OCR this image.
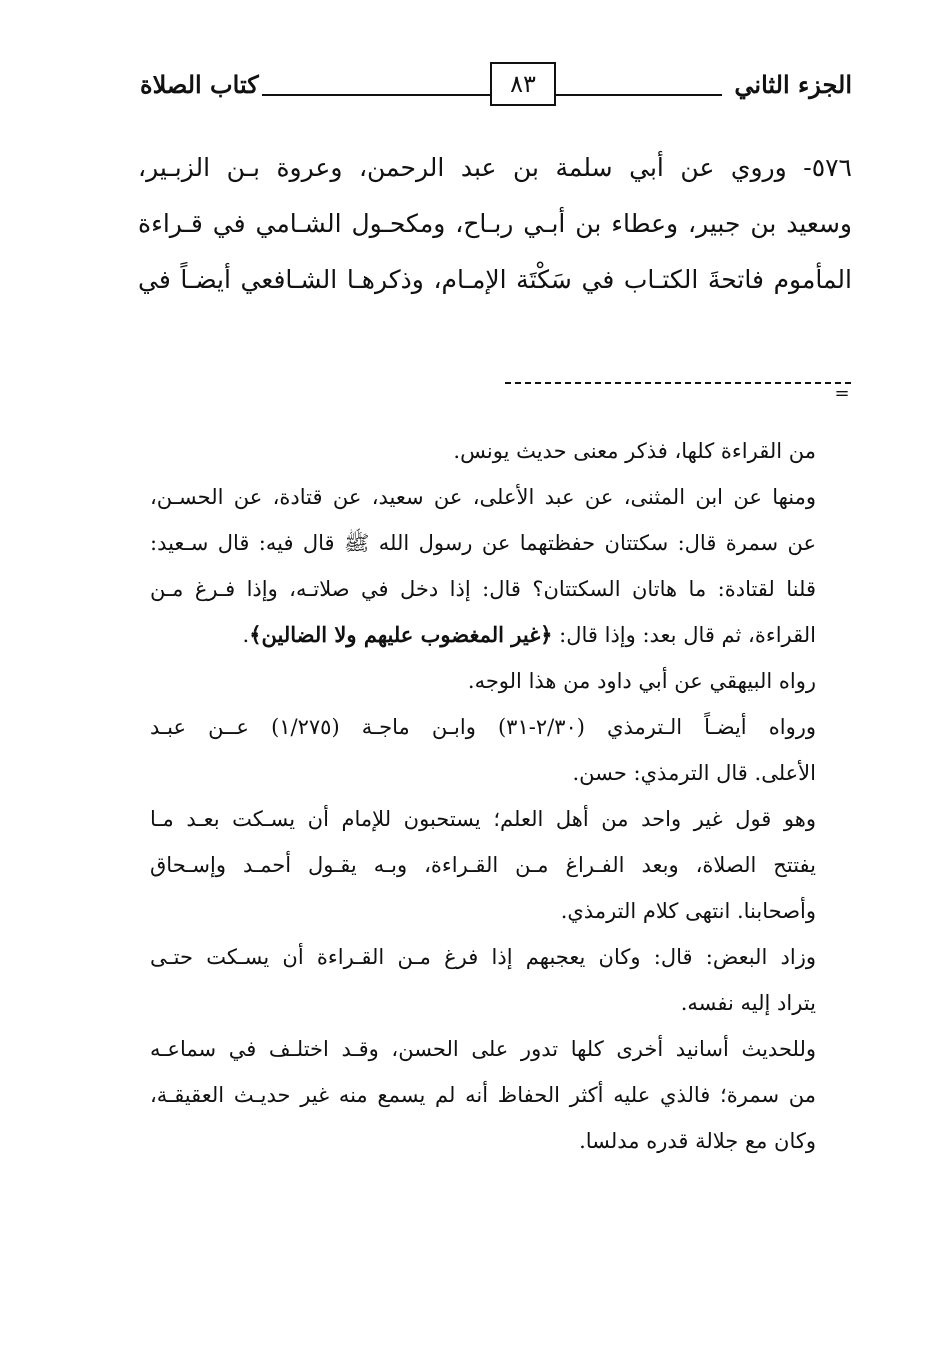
الجزء الثاني
٨٣
كتاب الصلاة

٥٧٦- وروي عن أبي سلمة بن عبد الرحمن، وعروة بـن الزبـير،

وسعيد بن جبير، وعطاء بن أبـي ربـاح، ومكحـول الشـامي في قـراءة

المأموم فاتحةَ الكتـاب في سَكْتَة الإمـام، وذكرهـا الشـافعي أيضـاً في

=
من القراءة كلها، فذكر معنى حديث يونس.
ومنها عن ابن المثنى، عن عبد الأعلى، عن سعيد، عن قتادة، عن الحسـن،
عن سمرة قال: سكتتان حفظتهما عن رسول الله ﷺ قال فيه: قال سـعيد:
قلنا لقتادة: ما هاتان السكتتان؟ قال: إذا دخل في صلاتـه، وإذا فـرغ مـن
القراءة، ثم قال بعد: وإذا قال: ﴿غير المغضوب عليهم ولا الضالين﴾.
رواه البيهقي عن أبي داود من هذا الوجه.
ورواه أيضـاً الـترمذي (٢/٣٠-٣١) وابـن ماجـة (١/٢٧٥) عــن عبـد
الأعلى. قال الترمذي: حسن.
وهو قول غير واحد من أهل العلم؛ يستحبون للإمام أن يسـكت بعـد مـا
يفتتح الصلاة، وبعد الفـراغ مـن القـراءة، وبـه يقـول أحمـد وإسـحاق
وأصحابنا. انتهى كلام الترمذي.
وزاد البعض: قال: وكان يعجبهم إذا فرغ مـن القـراءة أن يسـكت حتـى
يتراد إليه نفسه.
وللحديث أسانيد أخرى كلها تدور على الحسن، وقـد اختلـف في سماعـه
من سمرة؛ فالذي عليه أكثر الحفاظ أنه لم يسمع منه غير حديـث العقيقـة،
وكان مع جلالة قدره مدلسا.
